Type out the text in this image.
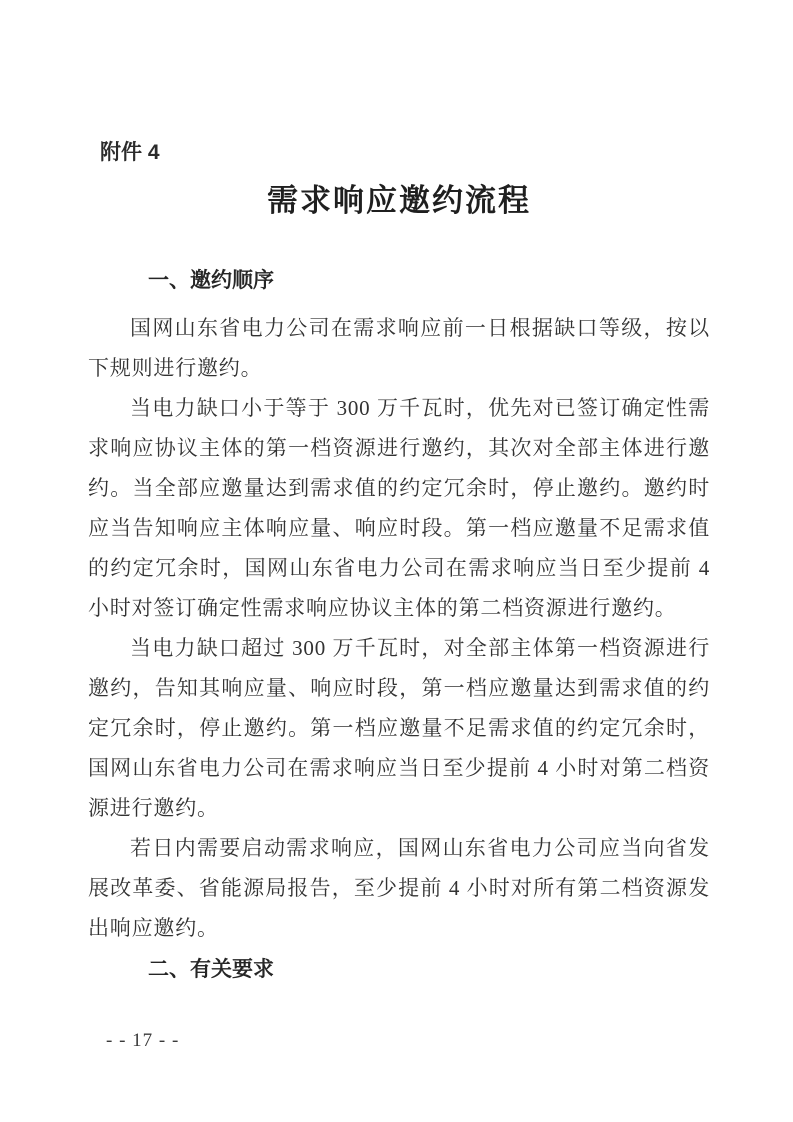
附件 4
需求响应邀约流程
一、邀约顺序

国网山东省电力公司在需求响应前一日根据缺口等级，按以下规则进行邀约。

当电力缺口小于等于 300 万千瓦时，优先对已签订确定性需求响应协议主体的第一档资源进行邀约，其次对全部主体进行邀约。当全部应邀量达到需求值的约定冗余时，停止邀约。邀约时应当告知响应主体响应量、响应时段。第一档应邀量不足需求值的约定冗余时，国网山东省电力公司在需求响应当日至少提前 4 小时对签订确定性需求响应协议主体的第二档资源进行邀约。

当电力缺口超过 300 万千瓦时，对全部主体第一档资源进行邀约，告知其响应量、响应时段，第一档应邀量达到需求值的约定冗余时，停止邀约。第一档应邀量不足需求值的约定冗余时，国网山东省电力公司在需求响应当日至少提前 4 小时对第二档资源进行邀约。

若日内需要启动需求响应，国网山东省电力公司应当向省发展改革委、省能源局报告，至少提前 4 小时对所有第二档资源发出响应邀约。

二、有关要求
- - 17 - -
